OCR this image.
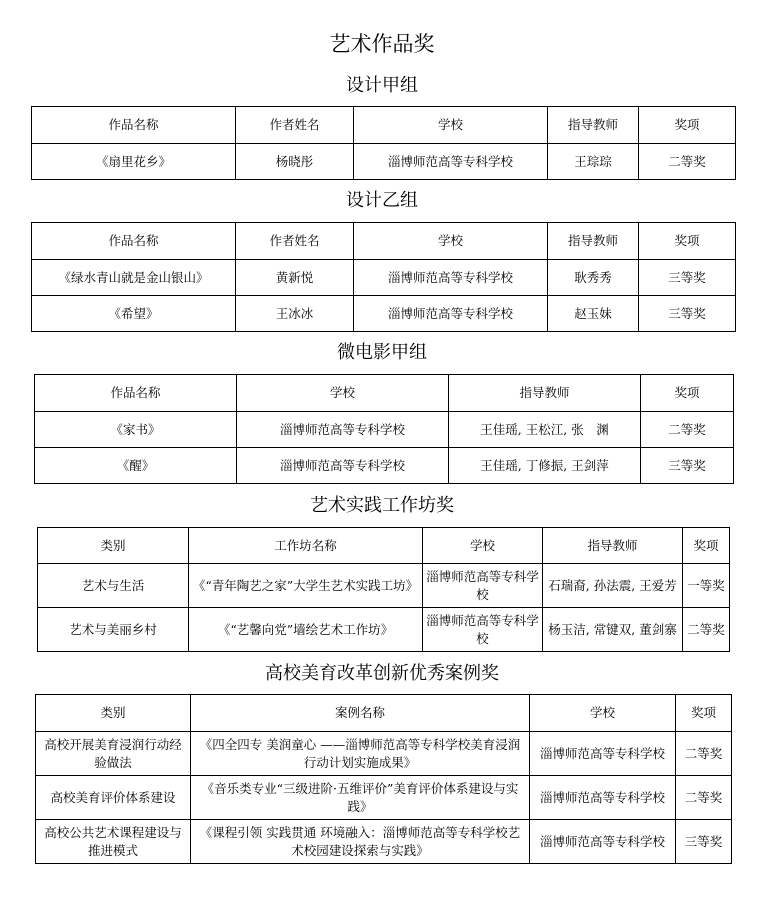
艺术作品奖
设计甲组
作品名称	作者姓名	学校	指导教师	奖项
《扇里花乡》	杨晓彤	淄博师范高等专科学校	王琮琮	二等奖
设计乙组
作品名称	作者姓名	学校	指导教师	奖项
《绿水青山就是金山银山》	黄新悦	淄博师范高等专科学校	耿秀秀	三等奖
《希望》	王冰冰	淄博师范高等专科学校	赵玉妹	三等奖
微电影甲组
作品名称	学校	指导教师	奖项
《家书》	淄博师范高等专科学校	王佳瑶, 王松江, 张　渊	二等奖
《醒》	淄博师范高等专科学校	王佳瑶, 丁修振, 王剑萍	三等奖
艺术实践工作坊奖
类别	工作坊名称	学校	指导教师	奖项
艺术与生活	《“青年陶艺之家”大学生艺术实践工坊》	淄博师范高等专科学校	石瑞裔, 孙法震, 王爱芳	一等奖
艺术与美丽乡村	《“艺馨向党”墙绘艺术工作坊》	淄博师范高等专科学校	杨玉洁, 常键双, 董剑寨	二等奖
高校美育改革创新优秀案例奖
类别	案例名称	学校	奖项
高校开展美育浸润行动经验做法	《四全四专 美润童心 ——淄博师范高等专科学校美育浸润行动计划实施成果》	淄博师范高等专科学校	二等奖
高校美育评价体系建设	《音乐类专业“三级进阶·五维评价”美育评价体系建设与实践》	淄博师范高等专科学校	二等奖
高校公共艺术课程建设与推进模式	《课程引领 实践贯通 环境融入：淄博师范高等专科学校艺术校园建设探索与实践》	淄博师范高等专科学校	三等奖
